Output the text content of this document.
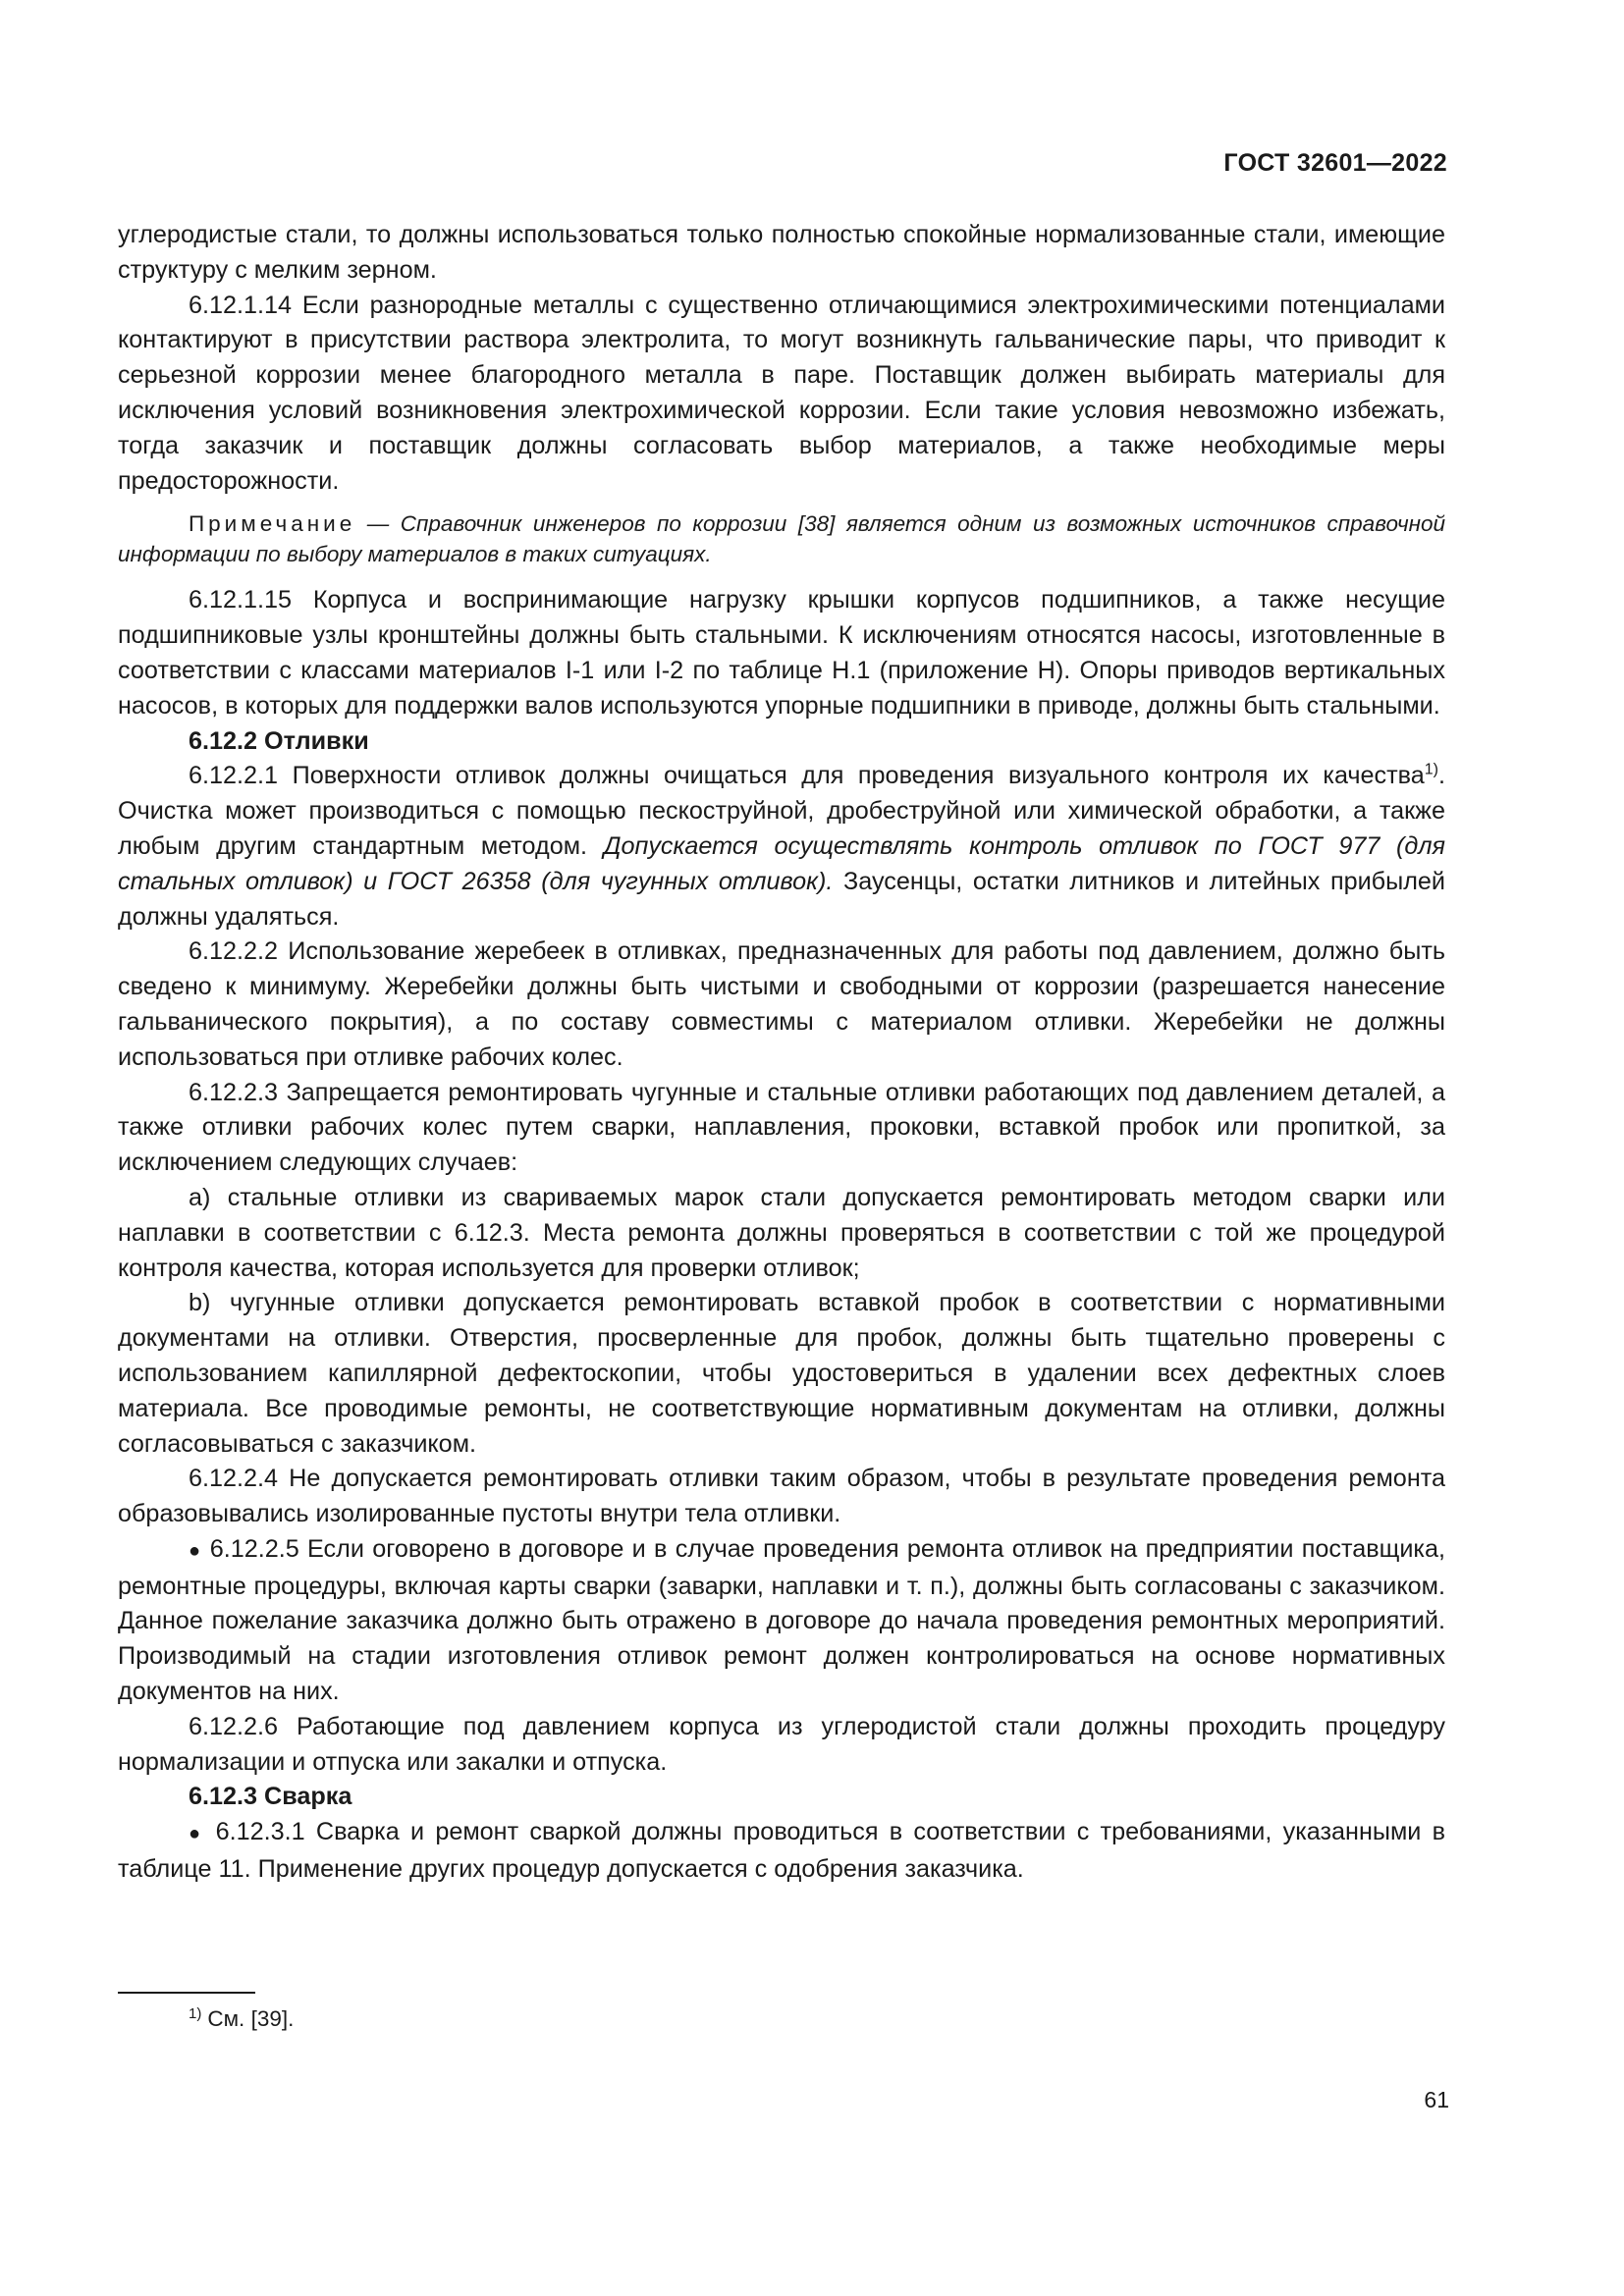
ГОСТ 32601—2022

углеродистые стали, то должны использоваться только полностью спокойные нормализованные стали, имеющие структуру с мелким зерном.

6.12.1.14 Если разнородные металлы с существенно отличающимися электрохимическими потенциалами контактируют в присутствии раствора электролита, то могут возникнуть гальванические пары, что приводит к серьезной коррозии менее благородного металла в паре. Поставщик должен выбирать материалы для исключения условий возникновения электрохимической коррозии. Если такие условия невозможно избежать, тогда заказчик и поставщик должны согласовать выбор материалов, а также необходимые меры предосторожности.

Примечание — Справочник инженеров по коррозии [38] является одним из возможных источников справочной информации по выбору материалов в таких ситуациях.

6.12.1.15 Корпуса и воспринимающие нагрузку крышки корпусов подшипников, а также несущие подшипниковые узлы кронштейны должны быть стальными. К исключениям относятся насосы, изготовленные в соответствии с классами материалов I-1 или I-2 по таблице Н.1 (приложение Н). Опоры приводов вертикальных насосов, в которых для поддержки валов используются упорные подшипники в приводе, должны быть стальными.

6.12.2 Отливки

6.12.2.1 Поверхности отливок должны очищаться для проведения визуального контроля их качества$^{1)}$. Очистка может производиться с помощью пескоструйной, дробеструйной или химической обработки, а также любым другим стандартным методом. Допускается осуществлять контроль отливок по ГОСТ 977 (для стальных отливок) и ГОСТ 26358 (для чугунных отливок). Заусенцы, остатки литников и литейных прибылей должны удаляться.

6.12.2.2 Использование жеребеек в отливках, предназначенных для работы под давлением, должно быть сведено к минимуму. Жеребейки должны быть чистыми и свободными от коррозии (разрешается нанесение гальванического покрытия), а по составу совместимы с материалом отливки. Жеребейки не должны использоваться при отливке рабочих колес.

6.12.2.3 Запрещается ремонтировать чугунные и стальные отливки работающих под давлением деталей, а также отливки рабочих колес путем сварки, наплавления, проковки, вставкой пробок или пропиткой, за исключением следующих случаев:

a) стальные отливки из свариваемых марок стали допускается ремонтировать методом сварки или наплавки в соответствии с 6.12.3. Места ремонта должны проверяться в соответствии с той же процедурой контроля качества, которая используется для проверки отливок;

b) чугунные отливки допускается ремонтировать вставкой пробок в соответствии с нормативными документами на отливки. Отверстия, просверленные для пробок, должны быть тщательно проверены с использованием капиллярной дефектоскопии, чтобы удостовериться в удалении всех дефектных слоев материала. Все проводимые ремонты, не соответствующие нормативным документам на отливки, должны согласовываться с заказчиком.

6.12.2.4 Не допускается ремонтировать отливки таким образом, чтобы в результате проведения ремонта образовывались изолированные пустоты внутри тела отливки.

● 6.12.2.5 Если оговорено в договоре и в случае проведения ремонта отливок на предприятии поставщика, ремонтные процедуры, включая карты сварки (заварки, наплавки и т. п.), должны быть согласованы с заказчиком. Данное пожелание заказчика должно быть отражено в договоре до начала проведения ремонтных мероприятий. Производимый на стадии изготовления отливок ремонт должен контролироваться на основе нормативных документов на них.

6.12.2.6 Работающие под давлением корпуса из углеродистой стали должны проходить процедуру нормализации и отпуска или закалки и отпуска.

6.12.3 Сварка

● 6.12.3.1 Сварка и ремонт сваркой должны проводиться в соответствии с требованиями, указанными в таблице 11. Применение других процедур допускается с одобрения заказчика.

$^{1)}$ См. [39].
61
